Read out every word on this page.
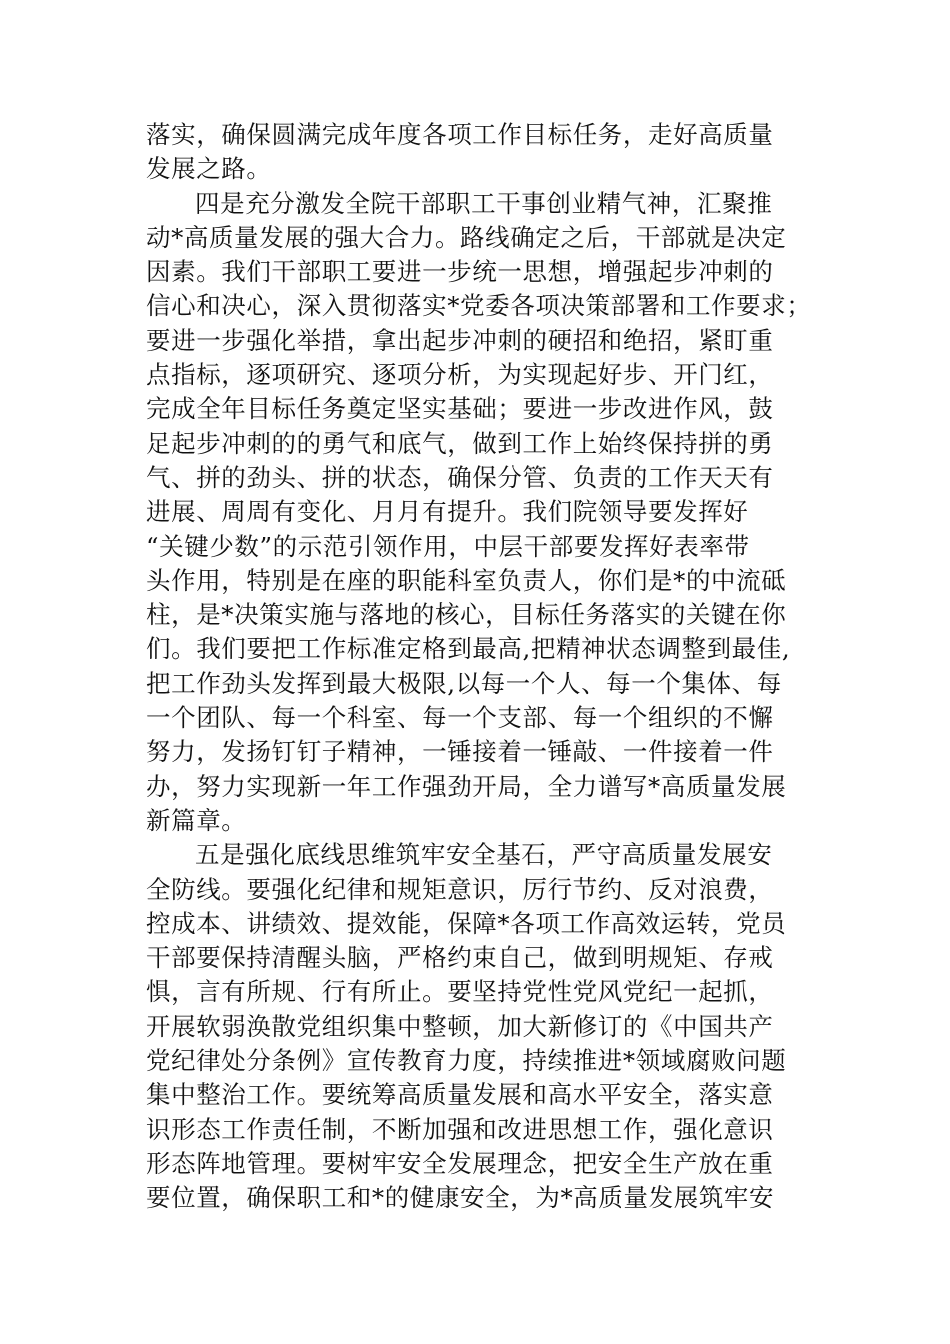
落实，确保圆满完成年度各项工作目标任务，走好高质量
发展之路。
四是充分激发全院干部职工干事创业精气神，汇聚推
动*高质量发展的强大合力。路线确定之后，干部就是决定
因素。我们干部职工要进一步统一思想，增强起步冲刺的
信心和决心，深入贯彻落实*党委各项决策部署和工作要求；
要进一步强化举措，拿出起步冲刺的硬招和绝招，紧盯重
点指标，逐项研究、逐项分析，为实现起好步、开门红，
完成全年目标任务奠定坚实基础；要进一步改进作风，鼓
足起步冲刺的的勇气和底气，做到工作上始终保持拼的勇
气、拼的劲头、拼的状态，确保分管、负责的工作天天有
进展、周周有变化、月月有提升。我们院领导要发挥好
“关键少数”的示范引领作用，中层干部要发挥好表率带
头作用，特别是在座的职能科室负责人，你们是*的中流砥
柱，是*决策实施与落地的核心，目标任务落实的关键在你
们。我们要把工作标准定格到最高,把精神状态调整到最佳,
把工作劲头发挥到最大极限,以每一个人、每一个集体、每
一个团队、每一个科室、每一个支部、每一个组织的不懈
努力，发扬钉钉子精神，一锤接着一锤敲、一件接着一件
办，努力实现新一年工作强劲开局，全力谱写*高质量发展
新篇章。
五是强化底线思维筑牢安全基石，严守高质量发展安
全防线。要强化纪律和规矩意识，厉行节约、反对浪费，
控成本、讲绩效、提效能，保障*各项工作高效运转，党员
干部要保持清醒头脑，严格约束自己，做到明规矩、存戒
惧，言有所规、行有所止。要坚持党性党风党纪一起抓，
开展软弱涣散党组织集中整顿，加大新修订的《中国共产
党纪律处分条例》宣传教育力度，持续推进*领域腐败问题
集中整治工作。要统筹高质量发展和高水平安全，落实意
识形态工作责任制，不断加强和改进思想工作，强化意识
形态阵地管理。要树牢安全发展理念，把安全生产放在重
要位置，确保职工和*的健康安全，为*高质量发展筑牢安
